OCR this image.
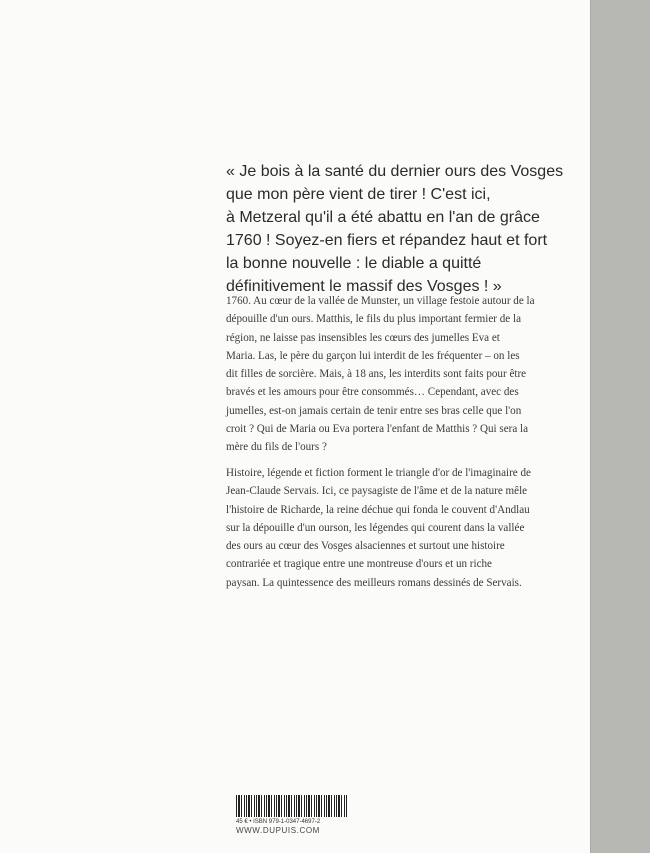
« Je bois à la santé du dernier ours des Vosges
que mon père vient de tirer ! C'est ici,
à Metzeral qu'il a été abattu en l'an de grâce
1760 ! Soyez-en fiers et répandez haut et fort
la bonne nouvelle : le diable a quitté
définitivement le massif des Vosges ! »
1760. Au cœur de la vallée de Munster, un village festoie autour de la
dépouille d'un ours. Matthis, le fils du plus important fermier de la
région, ne laisse pas insensibles les cœurs des jumelles Eva et
Maria. Las, le père du garçon lui interdit de les fréquenter – on les
dit filles de sorcière. Mais, à 18 ans, les interdits sont faits pour être
bravés et les amours pour être consommés… Cependant, avec des
jumelles, est-on jamais certain de tenir entre ses bras celle que l'on
croit ? Qui de Maria ou Eva portera l'enfant de Matthis ? Qui sera la
mère du fils de l'ours ?
Histoire, légende et fiction forment le triangle d'or de l'imaginaire de
Jean-Claude Servais. Ici, ce paysagiste de l'âme et de la nature mêle
l'histoire de Richarde, la reine déchue qui fonda le couvent d'Andlau
sur la dépouille d'un ourson, les légendes qui courent dans la vallée
des ours au cœur des Vosges alsaciennes et surtout une histoire
contrariée et tragique entre une montreuse d'ours et un riche
paysan. La quintessence des meilleurs romans dessinés de Servais.
45 € • ISBN 979-1-0347-4697-2
WWW.DUPUIS.COM
